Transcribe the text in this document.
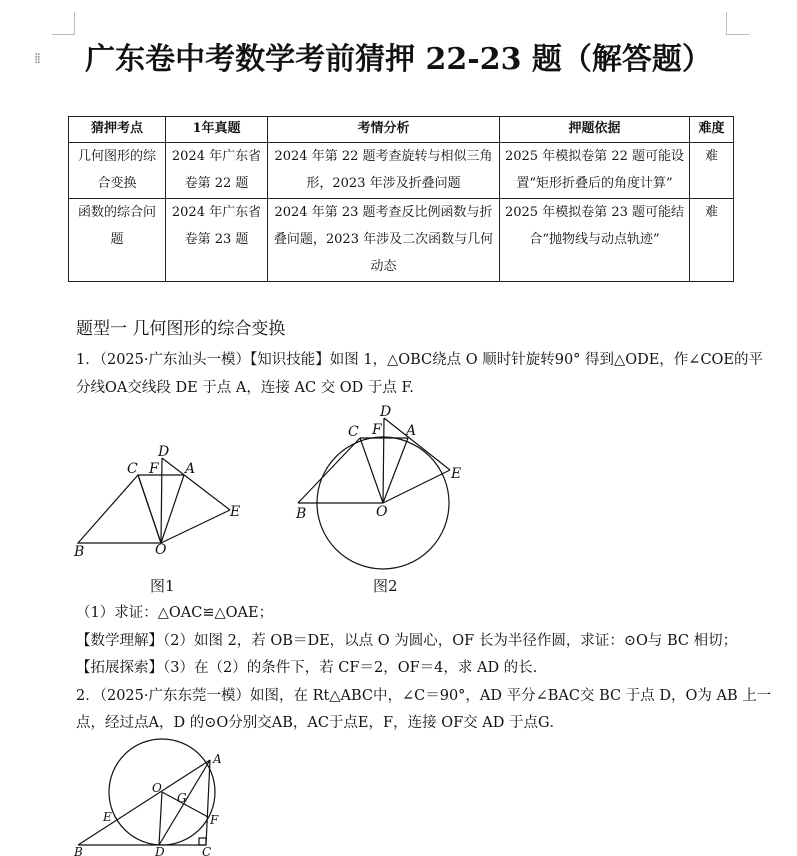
⁞⁞	广东卷中考数学考前猜押 22-23 题（解答题）
猜押考点	1年真题	考情分析	押题依据	难度
几何图形的综合变换	2024 年广东省卷第 22 题	2024 年第 22 题考查旋转与相似三角形，2023 年涉及折叠问题	2025 年模拟卷第 22 题可能设置“矩形折叠后的角度计算”	难
函数的综合问题	2024 年广东省卷第 23 题	2024 年第 23 题考查反比例函数与折叠问题，2023 年涉及二次函数与几何动态	2025 年模拟卷第 23 题可能结合“抛物线与动点轨迹”	难
题型一 几何图形的综合变换
1．（2025·广东汕头一模）【知识技能】如图 1，△OBC绕点 O 顺时针旋转90° 得到△ODE，作∠COE的平
分线OA交线段 DE 于点 A，连接 AC 交 OD 于点 F.
B	O
C F
D
A
E
图1
B	O
C F
D
A
E
图2
（1）求证：△OAC≌△OAE；
【数学理解】（2）如图 2，若 OB＝DE，以点 O 为圆心，OF 长为半径作圆，求证：⊙O与 BC 相切；
【拓展探索】（3）在（2）的条件下，若 CF＝2，OF＝4，求 AD 的长.
2．（2025·广东东莞一模）如图，在 Rt△ABC中，∠C＝90°，AD 平分∠BAC交 BC 于点 D，O为 AB 上一
点，经过点A，D 的⊙O分别交AB，AC于点E，F，连接 OF交 AD 于点G．
A
O
G
E	F
B	D	C
